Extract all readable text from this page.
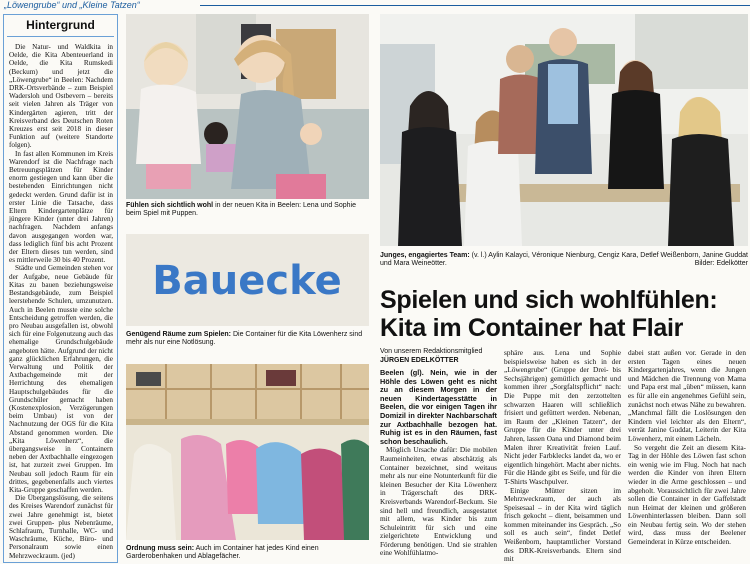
„Löwengrube“ und „Kleine Tatzen“
Hintergrund

Die Natur- und Waldkita in Oelde, die Kita Abenteuerland in Oelde, die Kita Rumskedi (Beckum) und jetzt die „Löwengrube“ in Beelen: Nachdem DRK-Ortsverbände – zum Beispiel Wadersloh und Ostbevern – bereits seit vielen Jahren als Träger von Kindergärten agieren, tritt der Kreisverband des Deutschen Roten Kreuzes erst seit 2018 in dieser Funktion auf (weitere Standorte folgen).

In fast allen Kommunen im Kreis Warendorf ist die Nachfrage nach Betreuungsplätzen für Kinder enorm gestiegen und kann über die bestehenden Einrichtungen nicht gedeckt werden. Grund dafür ist in erster Linie die Tatsache, dass Eltern Kindergartenplätze für jüngere Kinder (unter drei Jahren) nachfragen. Nachdem anfangs davon ausgegangen worden war, dass lediglich fünf bis acht Prozent der Eltern dieses tun werden, sind es mittlerweile 30 bis 40 Prozent.

Städte und Gemeinden stehen vor der Aufgabe, neue Gebäude für Kitas zu bauen beziehungsweise Bestandsgebäude, zum Beispiel leerstehende Schulen, umzunutzen. Auch in Beelen musste eine solche Entscheidung getroffen werden, die pro Neubau ausgefallen ist, obwohl sich für eine Folgenutzung auch das ehemalige Grundschulgebäude angeboten hätte. Aufgrund der nicht ganz glücklichen Erfahrungen, die Verwaltung und Politik der Axtbachgemeinde mit der Herrichtung des ehemaligen Hauptschulgebäudes für die Grundschüler gemacht haben (Kostenexplosion, Verzögerungen beim Umbau) ist von der Nachnutzung der OGS für die Kita Abstand genommen worden. Die „Kita Löwenherz“, die übergangsweise in Containern neben der Axtbachhalle eingezogen ist, hat zurzeit zwei Gruppen. Im Neubau soll jedoch Raum für ein drittes, gegebenenfalls auch viertes Kita-Gruppe geschaffen werden.

Die Übergangslösung, die seitens des Kreises Warendorf zunächst für zwei Jahre genehmigt ist, bietet zwei Gruppen- plus Nebenräume, Schlafraum, Turnhalle, WC- und Waschräume, Küche, Büro- und Personalraum sowie einen Mehrzweckraum. (jed)

Fühlen sich sichtlich wohl in der neuen Kita in Beelen: Lena und Sophie beim Spiel mit Puppen.
Bauecke
Genügend Räume zum Spielen: Die Container für die Kita Löwenherz sind mehr als nur eine Notlösung.
Ordnung muss sein: Auch im Container hat jedes Kind einen Garderobenhaken und Ablagefächer.
Junges, engagiertes Team: (v. l.) Aylin Kalayci, Véronique Nienburg, Cengiz Kara, Detlef Weißenborn, Janine Guddat und Mara Weineötter.	Bilder: Edelkötter
Spielen und sich wohlfühlen:
Kita im Container hat Flair
Von unserem Redaktionsmitglied
JÜRGEN EDELKÖTTER

Beelen (gl). Nein, wie in der Höhle des Löwen geht es nicht zu an diesem Morgen in der neuen Kindertagesstätte in Beelen, die vor einigen Tagen ihr Domizil in direkter Nachbarschaft zur Axtbachhalle bezogen hat. Ruhig ist es in den Räumen, fast schon beschaulich.

Möglich Ursache dafür: Die mobilen Raumeinheiten, etwas abschätzig als Container bezeichnet, sind weitaus mehr als nur eine Notunterkunft für die kleinen Besucher der Kita Löwenherz in Trägerschaft des DRK-Kreisverbands Warendorf-Beckum. Sie sind hell und freundlich, ausgestattet mit allem, was Kinder bis zum Schuleintritt für sich und eine zielgerichtete Entwicklung und Förderung benötigen. Und sie strahlen eine Wohlfühlatmo-

sphäre aus. Lena und Sophie beispielsweise haben es sich in der „Löwengrube“ (Gruppe der Drei- bis Sechsjährigen) gemütlich gemacht und kommen ihrer „Sorgfaltspflicht“ nach: Die Puppe mit den zerzottelten schwarzen Haaren will schließlich frisiert und gefüttert werden. Nebenan, im Raum der „Kleinen Tatzen“, der Gruppe für die Kinder unter drei Jahren, lassen Oana und Diamond beim Malen ihrer Kreativität freien Lauf. Nicht jeder Farbklecks landet da, wo er eigentlich hingehört. Macht aber nichts. Für die Hände gibt es Seife, und für die T-Shirts Waschpulver.

Einige Mütter sitzen im Mehrzweckraum, der auch als Speisesaal – in der Kita wird täglich frisch gekocht – dient, beisammen und kommen miteinander ins Gespräch. „So soll es auch sein“, findet Detlef Weißenborn, hauptamtlicher Vorstand des DRK-Kreisverbands. Eltern sind mit

dabei statt außen vor. Gerade in den ersten Tagen eines neuen Kindergartenjahres, wenn die Jungen und Mädchen die Trennung von Mama und Papa erst mal „üben“ müssen, kann es für alle ein angenehmes Gefühl sein, zunächst noch etwas Nähe zu bewahren. „Manchmal fällt die Loslösungen den Kindern viel leichter als den Eltern“, verrät Janine Guddat, Leiterin der Kita Löwenherz, mit einem Lächeln.

So vergeht die Zeit an diesem Kita-Tag in der Höhle des Löwen fast schon ein wenig wie im Flug. Noch hat nach werden die Kinder von ihren Eltern wieder in die Arme geschlossen – und abgeholt. Voraussichtlich für zwei Jahre sollen die Container in der Gaffelstadt nun Heimat der kleinen und größeren Löwenhinterlassen bleiben. Dann soll ein Neubau fertig sein. Wo der stehen wird, dass muss der Beelener Gemeinderat in Kürze entscheiden.
